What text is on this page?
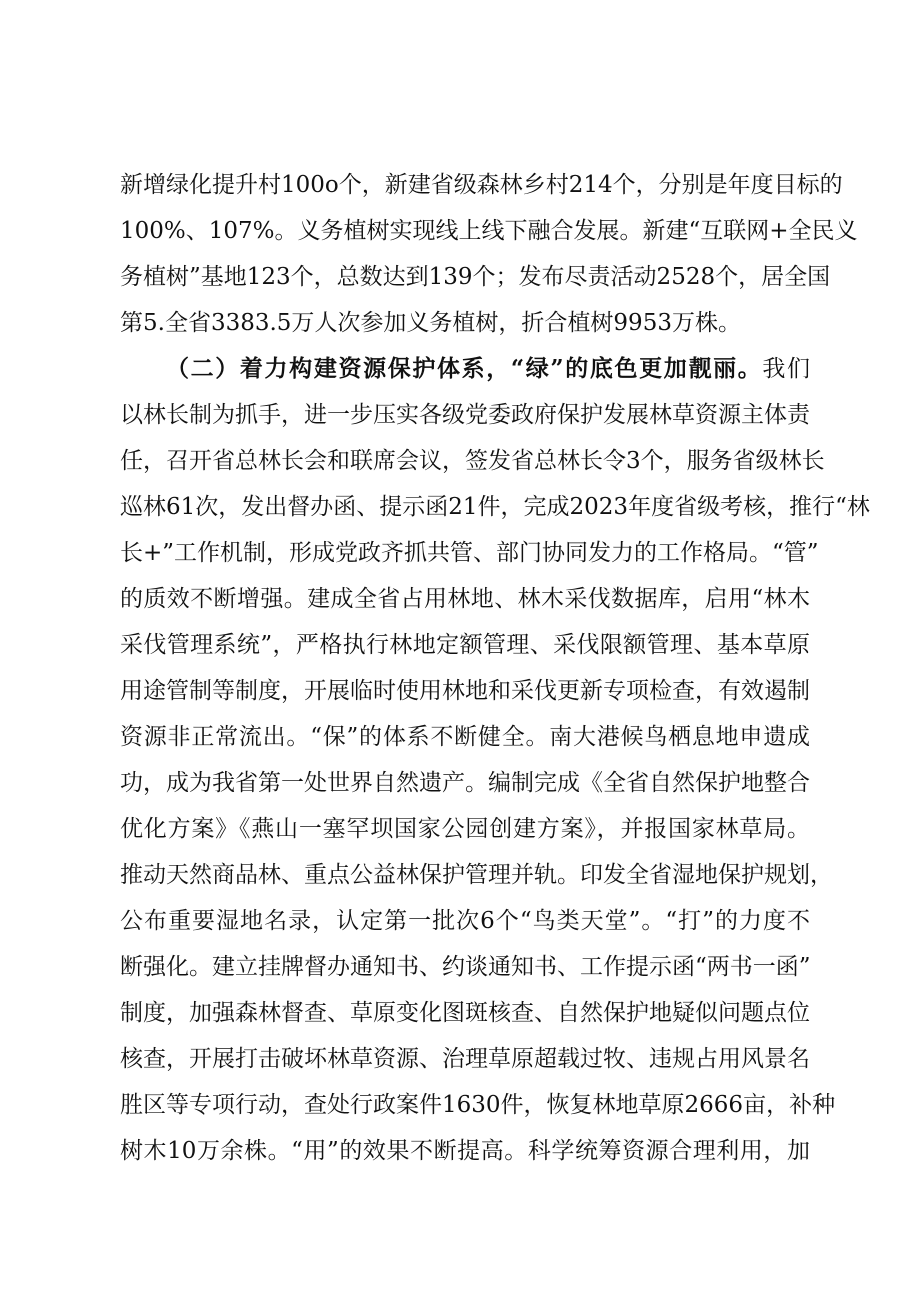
新增绿化提升村100o个，新建省级森林乡村214个，分别是年度目标的
100%、107%。义务植树实现线上线下融合发展。新建“互联网+全民义
务植树”基地123个，总数达到139个；发布尽责活动2528个，居全国
第5.全省3383.5万人次参加义务植树，折合植树9953万株。
（二）着力构建资源保护体系，“绿”的底色更加靓丽。我们
以林长制为抓手，进一步压实各级党委政府保护发展林草资源主体责
任，召开省总林长会和联席会议，签发省总林长令3个，服务省级林长
巡林61次，发出督办函、提示函21件，完成2023年度省级考核，推行“林
长+”工作机制，形成党政齐抓共管、部门协同发力的工作格局。“管”
的质效不断增强。建成全省占用林地、林木采伐数据库，启用“林木
采伐管理系统”，严格执行林地定额管理、采伐限额管理、基本草原
用途管制等制度，开展临时使用林地和采伐更新专项检查，有效遏制
资源非正常流出。“保”的体系不断健全。南大港候鸟栖息地申遗成
功，成为我省第一处世界自然遗产。编制完成《全省自然保护地整合
优化方案》《燕山一塞罕坝国家公园创建方案》，并报国家林草局。
推动天然商品林、重点公益林保护管理并轨。印发全省湿地保护规划，
公布重要湿地名录，认定第一批次6个“鸟类天堂”。“打”的力度不
断强化。建立挂牌督办通知书、约谈通知书、工作提示函“两书一函”
制度，加强森林督查、草原变化图斑核查、自然保护地疑似问题点位
核查，开展打击破坏林草资源、治理草原超载过牧、违规占用风景名
胜区等专项行动，查处行政案件1630件，恢复林地草原2666亩，补种
树木10万余株。“用”的效果不断提高。科学统筹资源合理利用，加
